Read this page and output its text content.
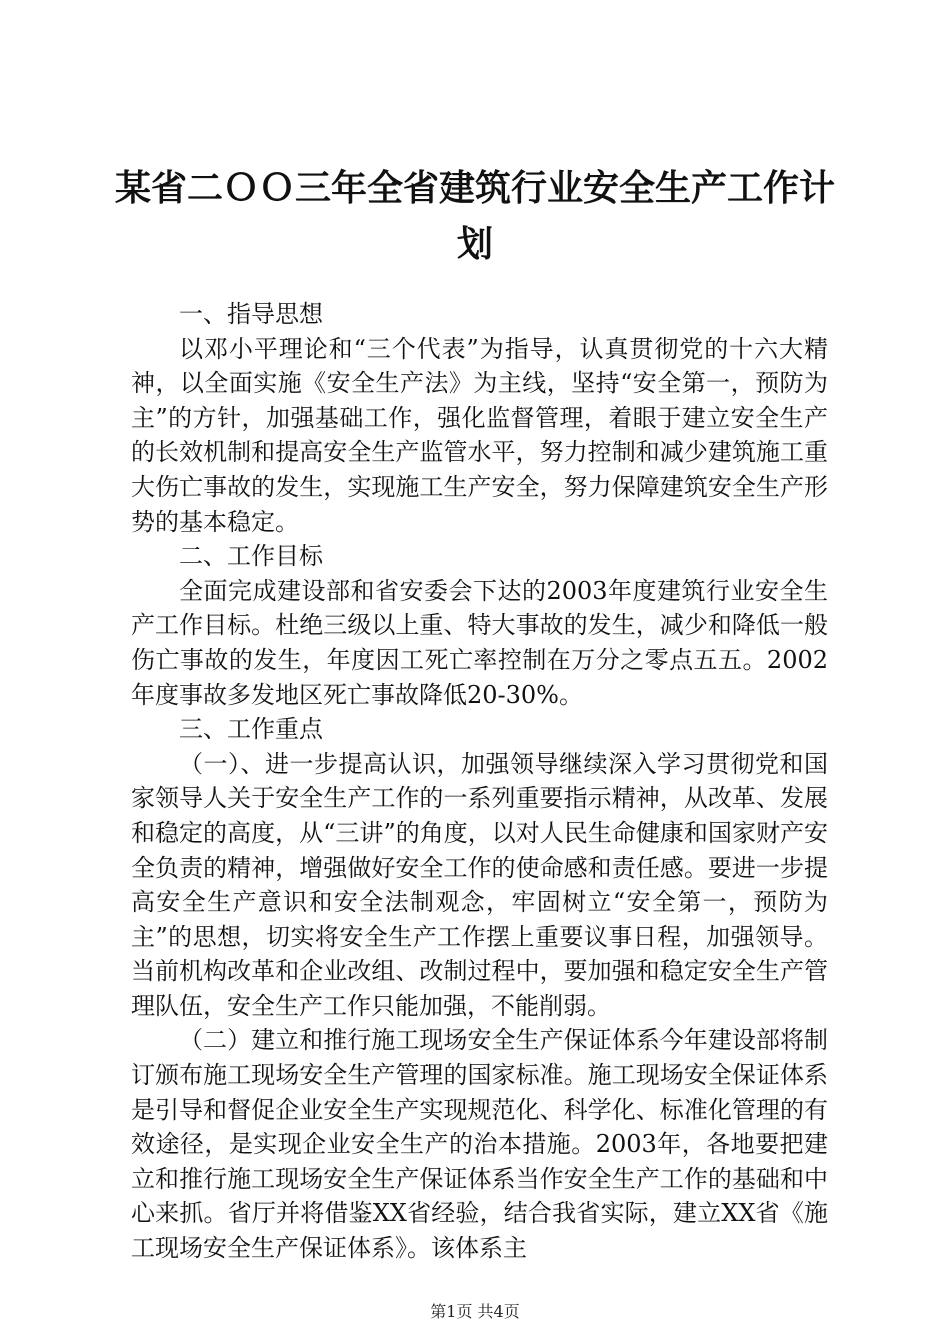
某省二ＯＯ三年全省建筑行业安全生产工作计划

一、指导思想

以邓小平理论和“三个代表”为指导，认真贯彻党的十六大精神，以全面实施《安全生产法》为主线，坚持“安全第一，预防为主”的方针，加强基础工作，强化监督管理，着眼于建立安全生产的长效机制和提高安全生产监管水平，努力控制和减少建筑施工重大伤亡事故的发生，实现施工生产安全，努力保障建筑安全生产形势的基本稳定。

二、工作目标

全面完成建设部和省安委会下达的2003年度建筑行业安全生产工作目标。杜绝三级以上重、特大事故的发生，减少和降低一般伤亡事故的发生，年度因工死亡率控制在万分之零点五五。2002年度事故多发地区死亡事故降低20-30%。

三、工作重点

（一）、进一步提高认识，加强领导继续深入学习贯彻党和国家领导人关于安全生产工作的一系列重要指示精神，从改革、发展和稳定的高度，从“三讲”的角度，以对人民生命健康和国家财产安全负责的精神，增强做好安全工作的使命感和责任感。要进一步提高安全生产意识和安全法制观念，牢固树立“安全第一，预防为主”的思想，切实将安全生产工作摆上重要议事日程，加强领导。当前机构改革和企业改组、改制过程中，要加强和稳定安全生产管理队伍，安全生产工作只能加强，不能削弱。

（二）建立和推行施工现场安全生产保证体系今年建设部将制订颁布施工现场安全生产管理的国家标准。施工现场安全保证体系是引导和督促企业安全生产实现规范化、科学化、标准化管理的有效途径，是实现企业安全生产的治本措施。2003年，各地要把建立和推行施工现场安全生产保证体系当作安全生产工作的基础和中心来抓。省厅并将借鉴XX省经验，结合我省实际，建立XX省《施工现场安全生产保证体系》。该体系主

第1页 共4页
